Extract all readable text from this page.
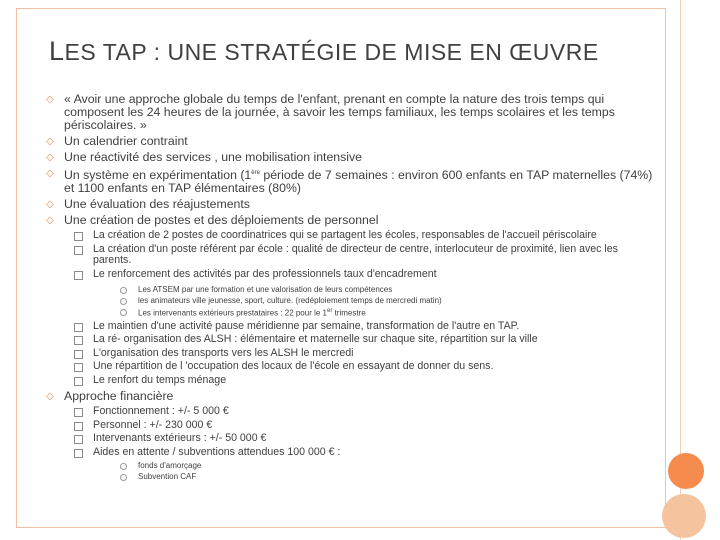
LES TAP : UNE STRATÉGIE DE MISE EN ŒUVRE
◇ « Avoir une approche globale du temps de l'enfant, prenant en compte la nature des trois temps qui composent les 24 heures de la journée, à savoir les temps familiaux, les temps scolaires et les temps périscolaires. »
◇ Un calendrier contraint
◇ Une réactivité des services , une mobilisation intensive
◇ Un système en expérimentation (1ère période de 7 semaines : environ 600 enfants en TAP maternelles (74%) et 1100 enfants en TAP élémentaires (80%)
◇ Une évaluation des réajustements
◇ Une création de postes et des déploiements de personnel
La création de 2 postes de coordinatrices qui se partagent les écoles, responsables de l'accueil périscolaire
La création d'un poste référent par école : qualité de directeur de centre, interlocuteur de proximité, lien avec les parents.
Le renforcement des activités par des professionnels taux d'encadrement
Les ATSEM par une formation et une valorisation de leurs compétences
les animateurs ville jeunesse, sport, culture. (redéploiement temps de mercredi matin)
Les intervenants extérieurs prestataires : 22 pour le 1er trimestre
Le maintien d'une activité pause méridienne par semaine, transformation de l'autre en TAP.
La ré- organisation des ALSH : élémentaire et maternelle sur chaque site, répartition sur la ville
L'organisation des transports vers les ALSH le mercredi
Une répartition de l 'occupation des locaux de l'école en essayant de donner du sens.
Le renfort du temps ménage
◇ Approche financière
Fonctionnement : +/- 5 000 €
Personnel : +/- 230 000 €
Intervenants extérieurs : +/- 50 000 €
Aides en attente / subventions attendues 100 000 € :
fonds d'amorçage
Subvention CAF
